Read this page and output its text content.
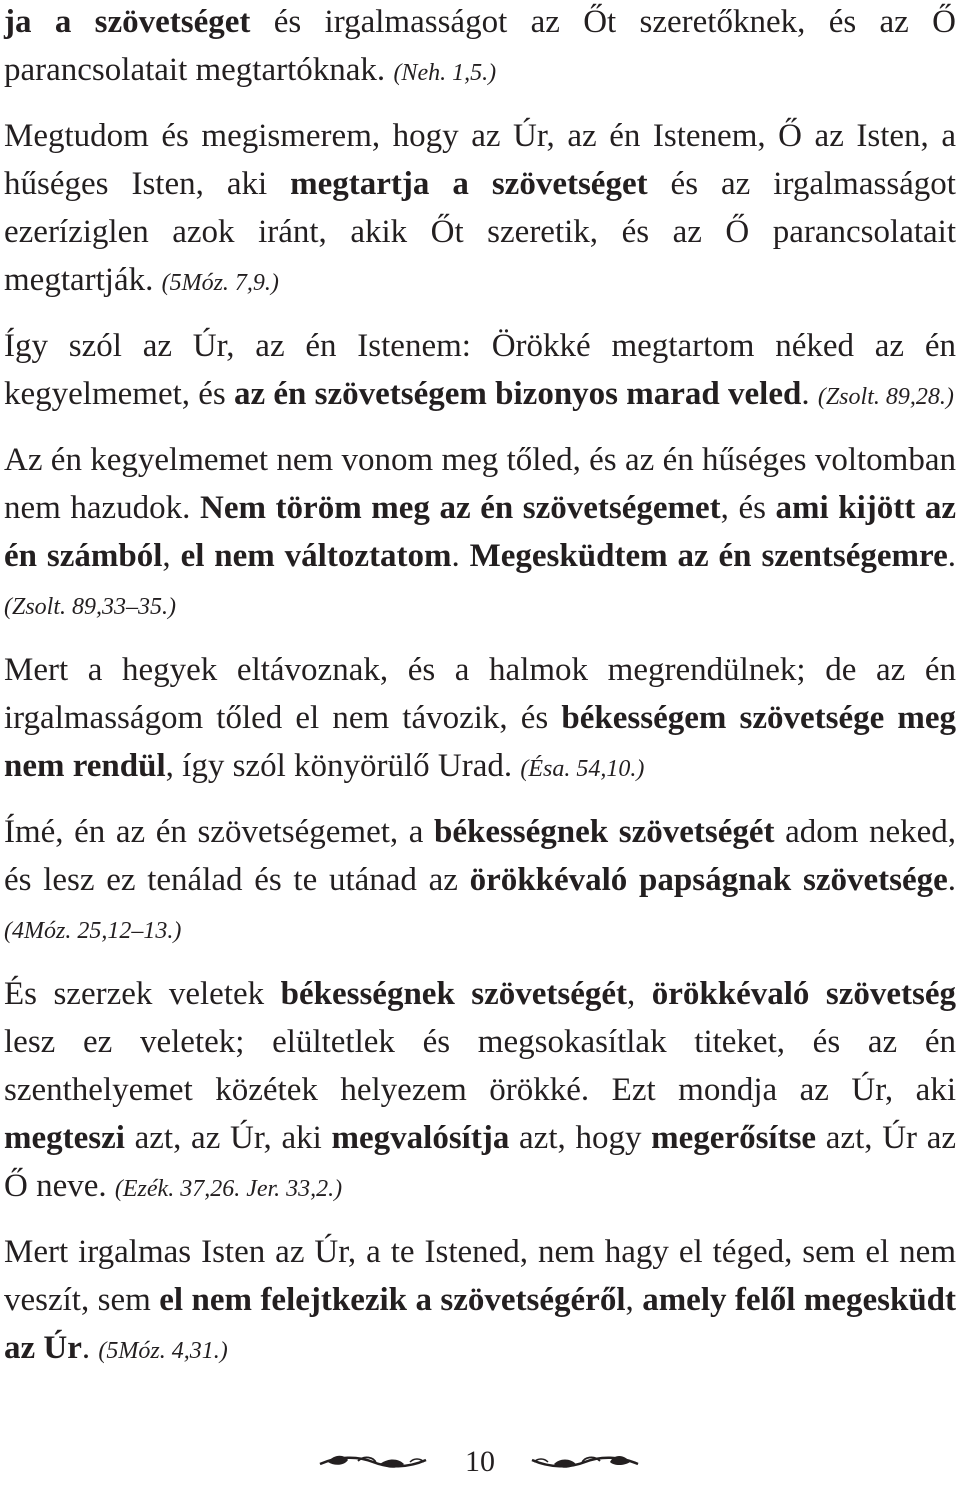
ja a szövetséget és irgalmasságot az Őt szeretőknek, és az Ő parancsolatait megtartóknak. (Neh. 1,5.)

Megtudom és megismerem, hogy az Úr, az én Istenem, Ő az Isten, a hűséges Isten, aki megtartja a szövetséget és az irgalmasságot ezeríziglen azok iránt, akik Őt szeretik, és az Ő parancsolatait megtartják. (5Móz. 7,9.)

Így szól az Úr, az én Istenem: Örökké megtartom néked az én kegyelmemet, és az én szövetségem bizonyos marad veled. (Zsolt. 89,28.)

Az én kegyelmemet nem vonom meg tőled, és az én hűséges voltomban nem hazudok. Nem töröm meg az én szövetségemet, és ami kijött az én számból, el nem változtatom. Megesküdtem az én szentségemre. (Zsolt. 89,33–35.)

Mert a hegyek eltávoznak, és a halmok megrendülnek; de az én irgalmasságom tőled el nem távozik, és békességem szövetsége meg nem rendül, így szól könyörülő Urad. (Ésa. 54,10.)

Ímé, én az én szövetségemet, a békességnek szövetségét adom neked, és lesz ez tenálad és te utánad az örökkévaló papságnak szövetsége. (4Móz. 25,12–13.)

És szerzek veletek békességnek szövetségét, örökkévaló szövetség lesz ez veletek; elültetlek és megsokasítlak titeket, és az én szenthelyemet közétek helyezem örökké. Ezt mondja az Úr, aki megteszi azt, az Úr, aki megvalósítja azt, hogy megerősítse azt, Úr az Ő neve. (Ezék. 37,26. Jer. 33,2.)

Mert irgalmas Isten az Úr, a te Istened, nem hagy el téged, sem el nem veszít, sem el nem felejtkezik a szövetségéről, amely felől megesküdt az Úr. (5Móz. 4,31.)

10
